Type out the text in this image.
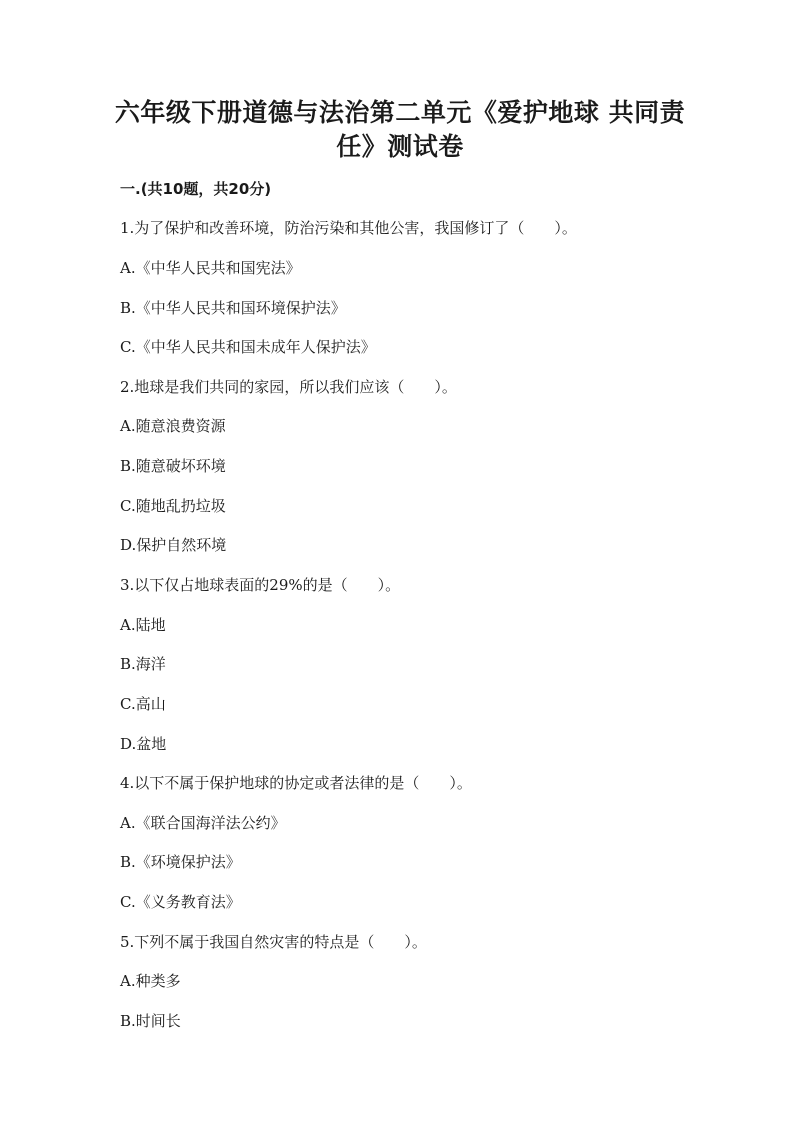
六年级下册道德与法治第二单元《爱护地球 共同责
任》测试卷
一.(共10题，共20分)
1.为了保护和改善环境，防治污染和其他公害，我国修订了（　　）。
A.《中华人民共和国宪法》
B.《中华人民共和国环境保护法》
C.《中华人民共和国未成年人保护法》
2.地球是我们共同的家园，所以我们应该（　　）。
A.随意浪费资源
B.随意破坏环境
C.随地乱扔垃圾
D.保护自然环境
3.以下仅占地球表面的29%的是（　　）。
A.陆地
B.海洋
C.高山
D.盆地
4.以下不属于保护地球的协定或者法律的是（　　）。
A.《联合国海洋法公约》
B.《环境保护法》
C.《义务教育法》
5.下列不属于我国自然灾害的特点是（　　）。
A.种类多
B.时间长
